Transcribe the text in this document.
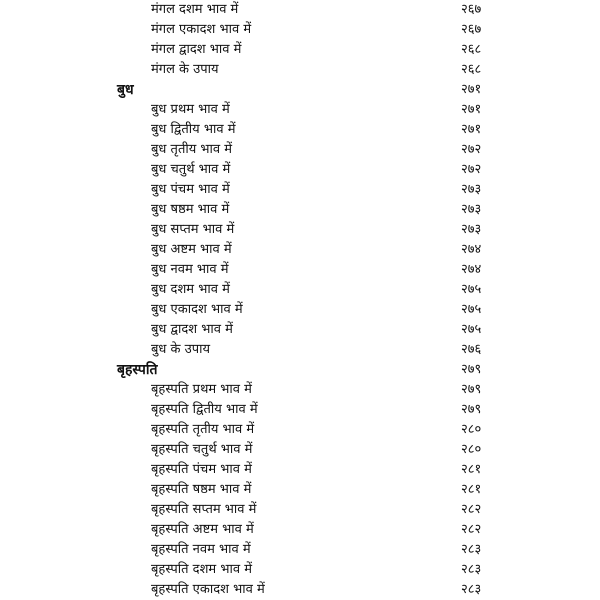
मंगल दशम भाव में	२६७
मंगल एकादश भाव में	२६७
मंगल द्वादश भाव में	२६८
मंगल के उपाय	२६८
बुध	२७१
बुध प्रथम भाव में	२७१
बुध द्वितीय भाव में	२७१
बुध तृतीय भाव में	२७२
बुध चतुर्थ भाव में	२७२
बुध पंचम भाव में	२७३
बुध षष्ठम भाव में	२७३
बुध सप्तम भाव में	२७३
बुध अष्टम भाव में	२७४
बुध नवम भाव में	२७४
बुध दशम भाव में	२७५
बुध एकादश भाव में	२७५
बुध द्वादश भाव में	२७५
बुध के उपाय	२७६
बृहस्पति	२७९
बृहस्पति प्रथम भाव में	२७९
बृहस्पति द्वितीय भाव में	२७९
बृहस्पति तृतीय भाव में	२८०
बृहस्पति चतुर्थ भाव में	२८०
बृहस्पति पंचम भाव में	२८१
बृहस्पति षष्ठम भाव में	२८१
बृहस्पति सप्तम भाव में	२८२
बृहस्पति अष्टम भाव में	२८२
बृहस्पति नवम भाव में	२८३
बृहस्पति दशम भाव में	२८३
बृहस्पति एकादश भाव में	२८३
